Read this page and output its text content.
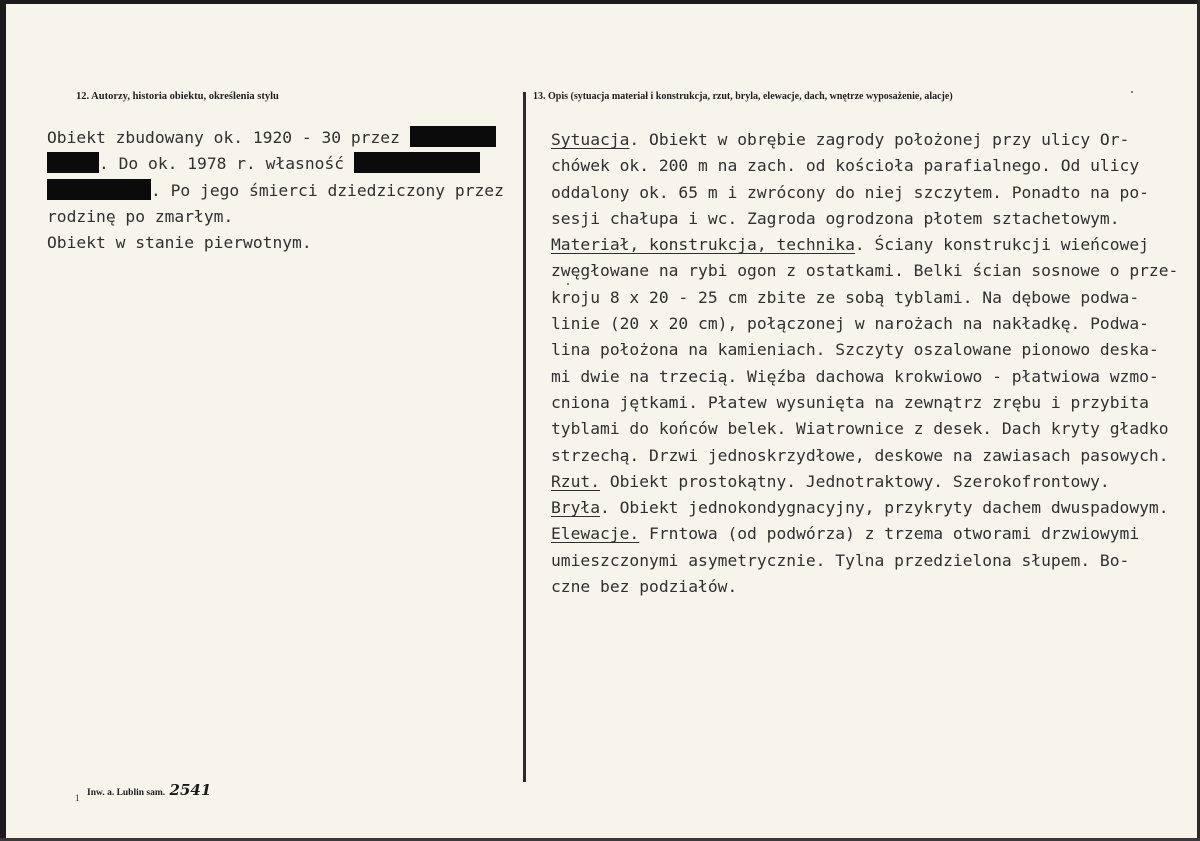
12. Autorzy, historia obiektu, określenia stylu	13. Opis (sytuacja materiał i konstrukcja, rzut, bryla, elewacje, dach, wnętrze wyposażenie, alacje)
Obiekt zbudowany ok. 1920 - 30 przez
. Do ok. 1978 r. własność
. Po jego śmierci dziedziczony przez
rodzinę po zmarłym.
Obiekt w stanie pierwotnym.
Sytuacja. Obiekt w obrębie zagrody położonej przy ulicy Or-
chówek ok. 200 m na zach. od kościoła parafialnego. Od ulicy
oddalony ok. 65 m i zwrócony do niej szczytem. Ponadto na po-
sesji chałupa i wc. Zagroda ogrodzona płotem sztachetowym.
Materiał, konstrukcja, technika. Ściany konstrukcji wieńcowej
zwęgłowane na rybi ogon z ostatkami. Belki ścian sosnowe o prze-
kroju 8 x 20 - 25 cm zbite ze sobą tyblami. Na dębowe podwa-
linie (20 x 20 cm), połączonej w narożach na nakładkę. Podwa-
lina położona na kamieniach. Szczyty oszalowane pionowo deska-
mi dwie na trzecią. Więźba dachowa krokwiowo - płatwiowa wzmo-
cniona jętkami. Płatew wysunięta na zewnątrz zrębu i przybita
tyblami do końców belek. Wiatrownice z desek. Dach kryty gładko
strzechą. Drzwi jednoskrzydłowe, deskowe na zawiasach pasowych.
Rzut. Obiekt prostokątny. Jednotraktowy. Szerokofrontowy.
Bryła. Obiekt jednokondygnacyjny, przykryty dachem dwuspadowym.
Elewacje. Frntowa (od podwórza) z trzema otworami drzwiowymi
umieszczonymi asymetrycznie. Tylna przedzielona słupem. Bo-
czne bez podziałów.
1 Inw. a. Lublin sam. 2541
